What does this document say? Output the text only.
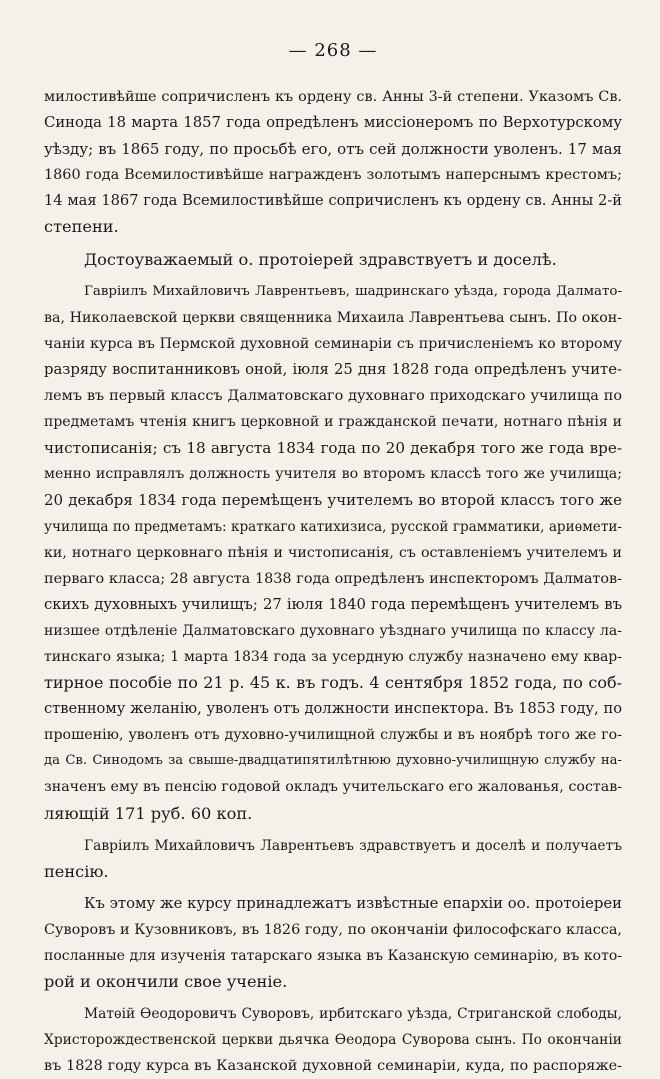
— 268 —
милостивѣйше сопричисленъ къ ордену св. Анны 3-й степени. Указомъ Св.
Синода 18 марта 1857 года опредѣленъ миссiонеромъ по Верхотурскому
уѣзду; въ 1865 году, по просьбѣ его, отъ сей должности уволенъ. 17 мая
1860 года Всемилостивѣйше награжденъ золотымъ наперснымъ крестомъ;
14 мая 1867 года Всемилостивѣйше сопричисленъ къ ордену св. Анны 2-й
степени.
Достоуважаемый о. протоiерей здравствуетъ и доселѣ.
Гаврiилъ Михайловичъ Лаврентьевъ, шадринскаго уѣзда, города Далмато-
ва, Николаевской церкви священника Михаила Лаврентьева сынъ. По окон-
чанiи курса въ Пермской духовной семинарiи съ причисленiемъ ко второму
разряду воспитанниковъ оной, iюля 25 дня 1828 года опредѣленъ учите-
лемъ въ первый классъ Далматовскаго духовнаго приходскаго училища по
предметамъ чтенiя книгъ церковной и гражданской печати, нотнаго пѣнiя и
чистописанiя; съ 18 августа 1834 года по 20 декабря того же года вре-
менно исправлялъ должность учителя во второмъ классѣ того же училища;
20 декабря 1834 года перемѣщенъ учителемъ во второй классъ того же
училища по предметамъ: краткаго катихизиса, русской грамматики, ариѳмети-
ки, нотнаго церковнаго пѣнiя и чистописанiя, съ оставленiемъ учителемъ и
перваго класса; 28 августа 1838 года опредѣленъ инспекторомъ Далматов-
скихъ духовныхъ училищъ; 27 iюля 1840 года перемѣщенъ учителемъ въ
низшее отдѣленiе Далматовскаго духовнаго уѣзднаго училища по классу ла-
тинскаго языка; 1 марта 1834 года за усердную службу назначено ему квар-
тирное пособiе по 21 р. 45 к. въ годъ. 4 сентября 1852 года, по соб-
ственному желанiю, уволенъ отъ должности инспектора. Въ 1853 году, по
прошенiю, уволенъ отъ духовно-училищной службы и въ ноябрѣ того же го-
да Св. Синодомъ за свыше-двадцатипятилѣтнюю духовно-училищную службу на-
значенъ ему въ пенсiю годовой окладъ учительскаго его жалованья, состав-
ляющiй 171 руб. 60 коп.
Гаврiилъ Михайловичъ Лаврентьевъ здравствуетъ и доселѣ и получаетъ
пенсiю.
Къ этому же курсу принадлежатъ извѣстные епархiи оо. протоiереи
Суворовъ и Кузовниковъ, въ 1826 году, по окончанiи философскаго класса,
посланные для изученiя татарскаго языка въ Казанскую семинарiю, въ кото-
рой и окончили свое ученiе.
Матѳiй Ѳеодоровичъ Суворовъ, ирбитскаго уѣзда, Стриганской слободы,
Христорождественской церкви дьячка Ѳеодора Суворова сынъ. По окончанiи
въ 1828 году курса въ Казанской духовной семинарiи, куда, по распоряже-
